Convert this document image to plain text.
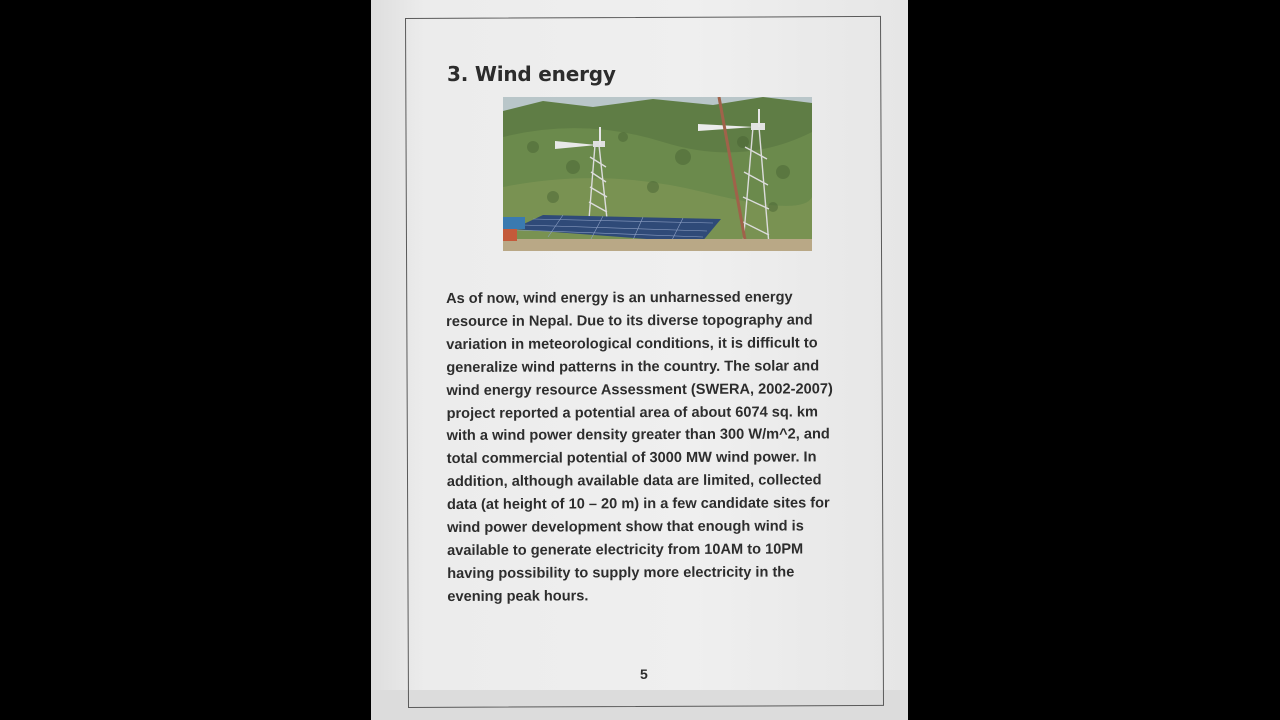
3. Wind energy

As of now, wind energy is an unharnessed energy resource in Nepal. Due to its diverse topography and variation in meteorological conditions, it is difficult to generalize wind patterns in the country. The solar and wind energy resource Assessment (SWERA, 2002-2007) project reported a potential area of about 6074 sq. km with a wind power density greater than 300 W/m^2, and total commercial potential of 3000 MW wind power. In addition, although available data are limited, collected data (at height of 10 – 20 m) in a few candidate sites for wind power development show that enough wind is available to generate electricity from 10AM to 10PM having possibility to supply more electricity in the evening peak hours.

5
